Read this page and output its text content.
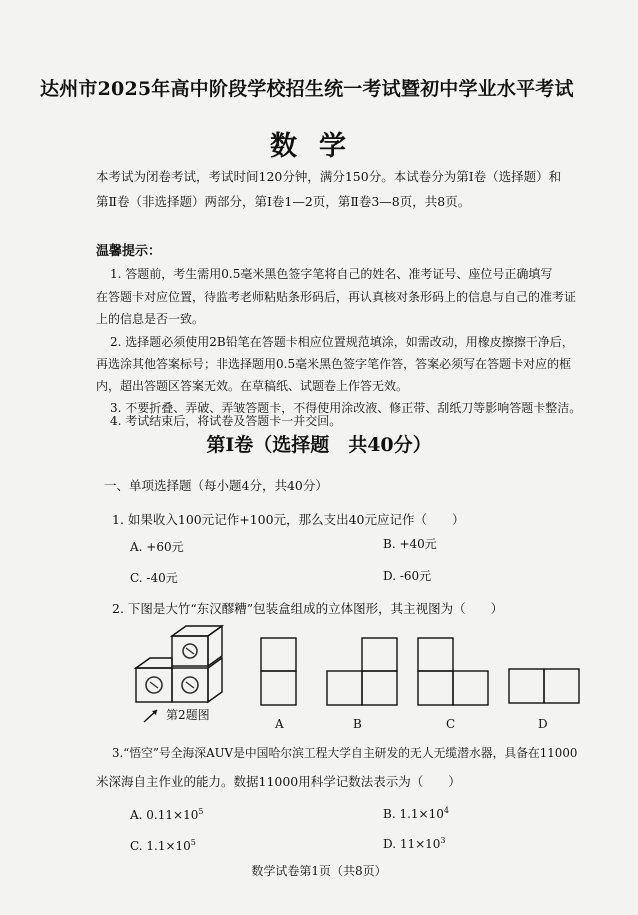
达州市2025年高中阶段学校招生统一考试暨初中学业水平考试
数学
本考试为闭卷考试，考试时间120分钟，满分150分。本试卷分为第Ⅰ卷（选择题）和
第Ⅱ卷（非选择题）两部分，第Ⅰ卷1—2页，第Ⅱ卷3—8页，共8页。
温馨提示：
1. 答题前，考生需用0.5毫米黑色签字笔将自己的姓名、准考证号、座位号正确填写
在答题卡对应位置，待监考老师粘贴条形码后，再认真核对条形码上的信息与自己的准考证
上的信息是否一致。
2. 选择题必须使用2B铅笔在答题卡相应位置规范填涂，如需改动，用橡皮擦擦干净后，
再选涂其他答案标号；非选择题用0.5毫米黑色签字笔作答，答案必须写在答题卡对应的框
内，超出答题区答案无效。在草稿纸、试题卷上作答无效。
3. 不要折叠、弄破、弄皱答题卡，不得使用涂改液、修正带、刮纸刀等影响答题卡整洁。
4. 考试结束后，将试卷及答题卡一并交回。
第Ⅰ卷（选择题　共40分）
一、单项选择题（每小题4分，共40分）
1. 如果收入100元记作+100元，那么支出40元应记作（　　）
A. +60元	B. +40元
C. -40元	D. -60元
2. 下图是大竹“东汉醪糟”包装盒组成的立体图形，其主视图为（　　）
第2题图
A	B	C	D
3.“悟空”号全海深AUV是中国哈尔滨工程大学自主研发的无人无缆潜水器，具备在11000
米深海自主作业的能力。数据11000用科学记数法表示为（　　）
A. $0.11\times 10^5$	B. $1.1\times 10^4$
C. $1.1\times 10^5$	D. $11\times 10^3$
数学试卷第1页（共8页）
